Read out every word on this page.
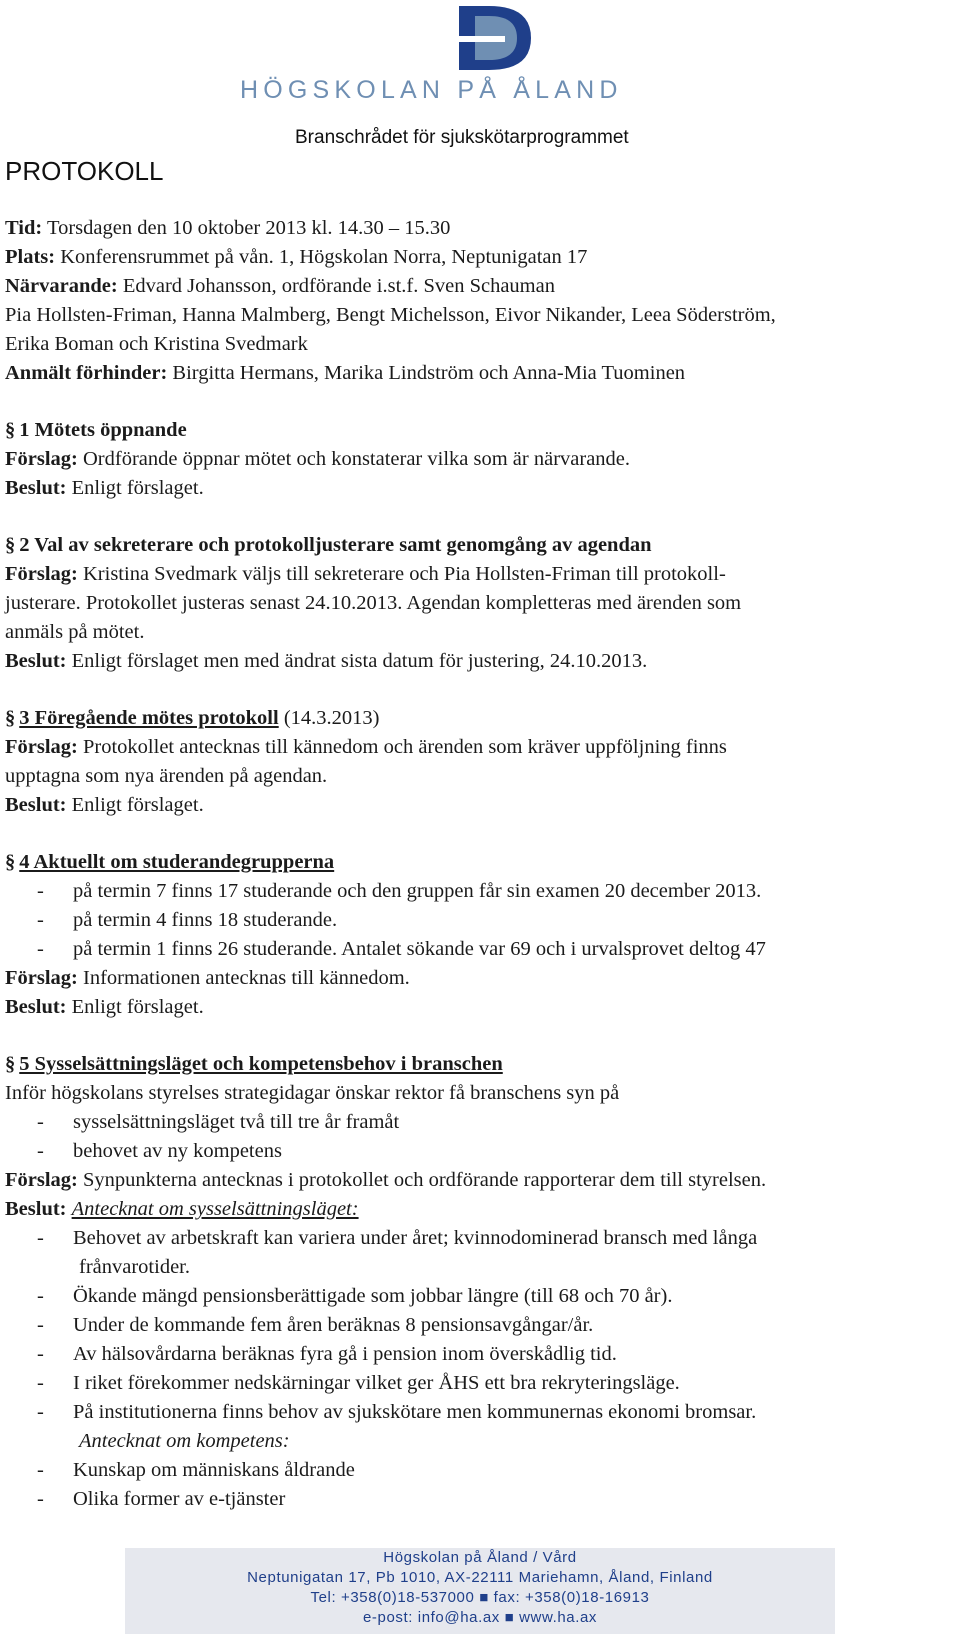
HÖGSKOLAN PÅ ÅLAND
Branschrådet för sjukskötarprogrammet
PROTOKOLL
Tid: Torsdagen den 10 oktober 2013 kl. 14.30 – 15.30
Plats: Konferensrummet på vån. 1, Högskolan Norra, Neptunigatan 17
Närvarande: Edvard Johansson, ordförande i.st.f. Sven Schauman
Pia Hollsten-Friman, Hanna Malmberg, Bengt Michelsson, Eivor Nikander, Leea Söderström,
Erika Boman och Kristina Svedmark
Anmält förhinder: Birgitta Hermans, Marika Lindström och Anna-Mia Tuominen
§ 1 Mötets öppnande
Förslag: Ordförande öppnar mötet och konstaterar vilka som är närvarande.
Beslut: Enligt förslaget.
§ 2 Val av sekreterare och protokolljusterare samt genomgång av agendan
Förslag: Kristina Svedmark väljs till sekreterare och Pia Hollsten-Friman till protokoll-
justerare. Protokollet justeras senast 24.10.2013. Agendan kompletteras med ärenden som
anmäls på mötet.
Beslut: Enligt förslaget men med ändrat sista datum för justering, 24.10.2013.
§ 3 Föregående mötes protokoll (14.3.2013)
Förslag: Protokollet antecknas till kännedom och ärenden som kräver uppföljning finns
upptagna som nya ärenden på agendan.
Beslut: Enligt förslaget.
§ 4 Aktuellt om studerandegrupperna
- på termin 7 finns 17 studerande och den gruppen får sin examen 20 december 2013.
- på termin 4 finns 18 studerande.
- på termin 1 finns 26 studerande. Antalet sökande var 69 och i urvalsprovet deltog 47
Förslag: Informationen antecknas till kännedom.
Beslut: Enligt förslaget.
§ 5 Sysselsättningsläget och kompetensbehov i branschen
Inför högskolans styrelses strategidagar önskar rektor få branschens syn på
- sysselsättningsläget två till tre år framåt
- behovet av ny kompetens
Förslag: Synpunkterna antecknas i protokollet och ordförande rapporterar dem till styrelsen.
Beslut: Antecknat om sysselsättningsläget:
- Behovet av arbetskraft kan variera under året; kvinnodominerad bransch med långa
frånvarotider.
- Ökande mängd pensionsberättigade som jobbar längre (till 68 och 70 år).
- Under de kommande fem åren beräknas 8 pensionsavgångar/år.
- Av hälsovårdarna beräknas fyra gå i pension inom överskådlig tid.
- I riket förekommer nedskärningar vilket ger ÅHS ett bra rekryteringsläge.
- På institutionerna finns behov av sjukskötare men kommunernas ekonomi bromsar.
Antecknat om kompetens:
- Kunskap om människans åldrande
- Olika former av e-tjänster
Högskolan på Åland / Vård
Neptunigatan 17, Pb 1010, AX-22111 Mariehamn, Åland, Finland
Tel: +358(0)18-537000 ■ fax: +358(0)18-16913
e-post: info@ha.ax ■ www.ha.ax
